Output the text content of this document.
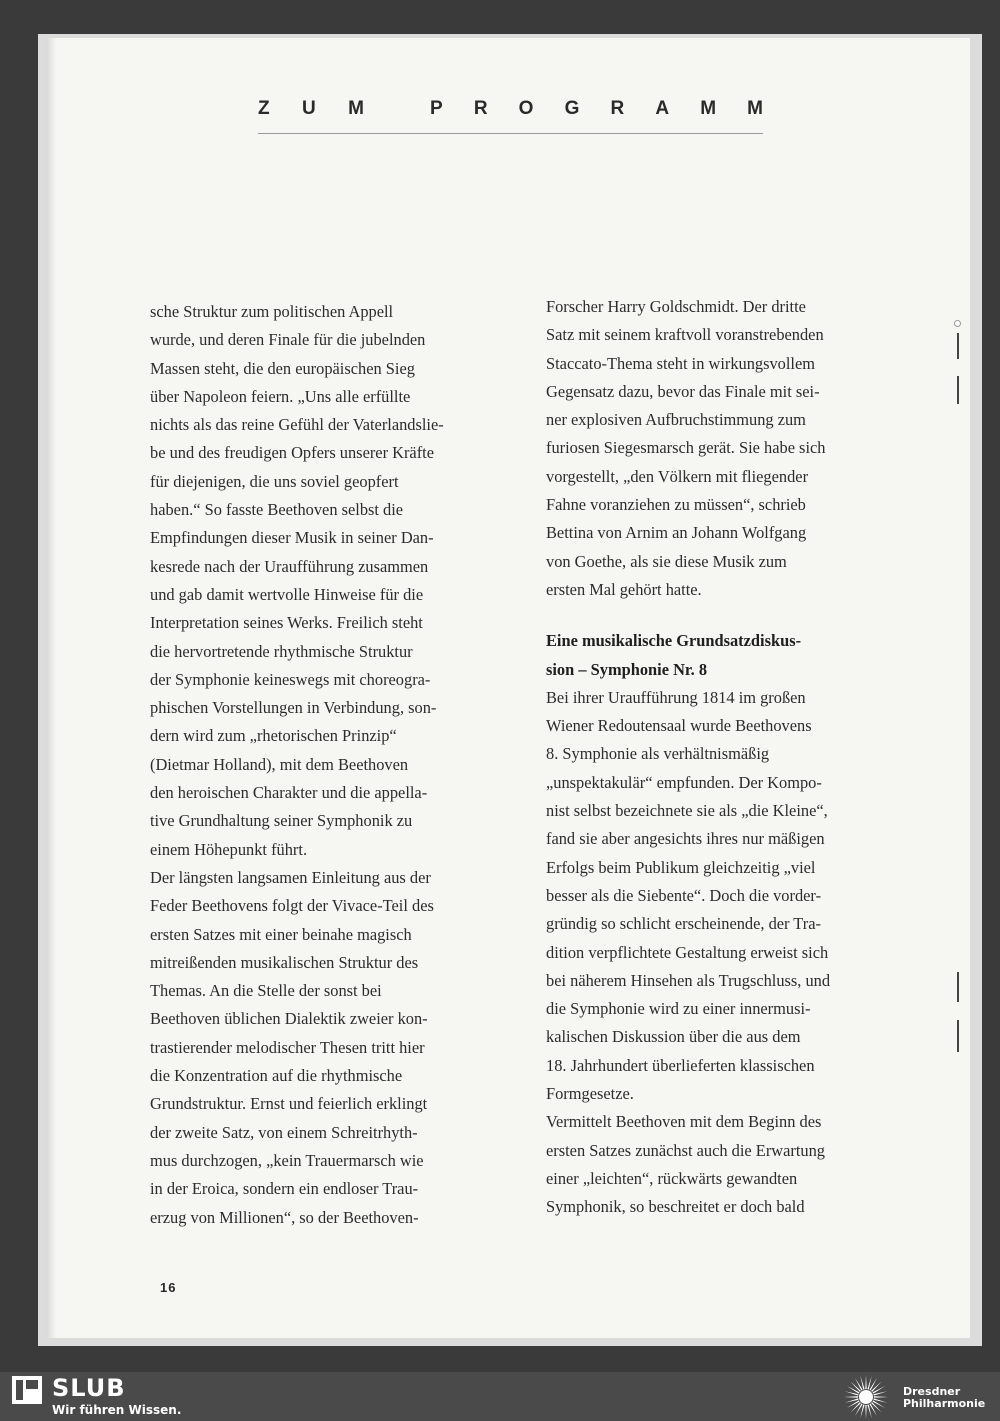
Z U M	P R O G R A M M
sche Struktur zum politischen Appell
wurde, und deren Finale für die jubelnden
Massen steht, die den europäischen Sieg
über Napoleon feiern. „Uns alle erfüllte
nichts als das reine Gefühl der Vaterlandslie-
be und des freudigen Opfers unserer Kräfte
für diejenigen, die uns soviel geopfert
haben.“ So fasste Beethoven selbst die
Empfindungen dieser Musik in seiner Dan-
kesrede nach der Uraufführung zusammen
und gab damit wertvolle Hinweise für die
Interpretation seines Werks. Freilich steht
die hervortretende rhythmische Struktur
der Symphonie keineswegs mit choreogra-
phischen Vorstellungen in Verbindung, son-
dern wird zum „rhetorischen Prinzip“
(Dietmar Holland), mit dem Beethoven
den heroischen Charakter und die appella-
tive Grundhaltung seiner Symphonik zu
einem Höhepunkt führt.
Der längsten langsamen Einleitung aus der
Feder Beethovens folgt der Vivace-Teil des
ersten Satzes mit einer beinahe magisch
mitreißenden musikalischen Struktur des
Themas. An die Stelle der sonst bei
Beethoven üblichen Dialektik zweier kon-
trastierender melodischer Thesen tritt hier
die Konzentration auf die rhythmische
Grundstruktur. Ernst und feierlich erklingt
der zweite Satz, von einem Schreitrhyth-
mus durchzogen, „kein Trauermarsch wie
in der Eroica, sondern ein endloser Trau-
erzug von Millionen“, so der Beethoven-
Forscher Harry Goldschmidt. Der dritte
Satz mit seinem kraftvoll voranstrebenden
Staccato-Thema steht in wirkungsvollem
Gegensatz dazu, bevor das Finale mit sei-
ner explosiven Aufbruchstimmung zum
furiosen Siegesmarsch gerät. Sie habe sich
vorgestellt, „den Völkern mit fliegender
Fahne voranziehen zu müssen“, schrieb
Bettina von Arnim an Johann Wolfgang
von Goethe, als sie diese Musik zum
ersten Mal gehört hatte.
Eine musikalische Grundsatzdiskus-
sion – Symphonie Nr. 8
Bei ihrer Uraufführung 1814 im großen
Wiener Redoutensaal wurde Beethovens
8. Symphonie als verhältnismäßig
„unspektakulär“ empfunden. Der Kompo-
nist selbst bezeichnete sie als „die Kleine“,
fand sie aber angesichts ihres nur mäßigen
Erfolgs beim Publikum gleichzeitig „viel
besser als die Siebente“. Doch die vorder-
gründig so schlicht erscheinende, der Tra-
dition verpflichtete Gestaltung erweist sich
bei näherem Hinsehen als Trugschluss, und
die Symphonie wird zu einer innermusi-
kalischen Diskussion über die aus dem
18. Jahrhundert überlieferten klassischen
Formgesetze.
Vermittelt Beethoven mit dem Beginn des
ersten Satzes zunächst auch die Erwartung
einer „leichten“, rückwärts gewandten
Symphonik, so beschreitet er doch bald
16
SLUB
Wir führen Wissen.
Dresdner
Philharmonie
